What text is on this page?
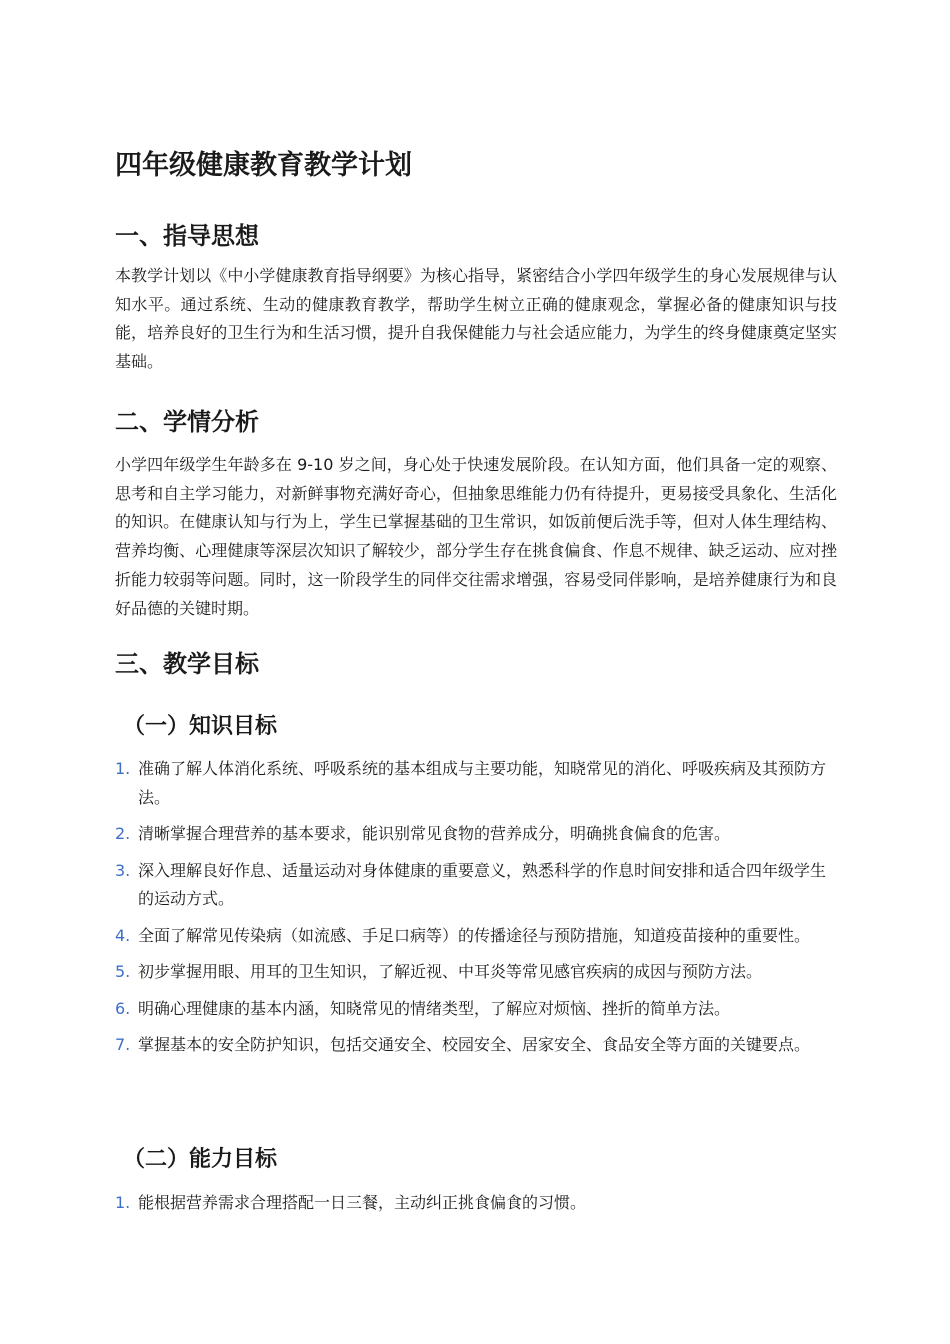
四年级健康教育教学计划
一、指导思想

本教学计划以《中小学健康教育指导纲要》为核心指导，紧密结合小学四年级学生的身心发展规律与认知水平。通过系统、生动的健康教育教学，帮助学生树立正确的健康观念，掌握必备的健康知识与技能，培养良好的卫生行为和生活习惯，提升自我保健能力与社会适应能力，为学生的终身健康奠定坚实基础。

二、学情分析

小学四年级学生年龄多在 9-10 岁之间，身心处于快速发展阶段。在认知方面，他们具备一定的观察、思考和自主学习能力，对新鲜事物充满好奇心，但抽象思维能力仍有待提升，更易接受具象化、生活化的知识。在健康认知与行为上，学生已掌握基础的卫生常识，如饭前便后洗手等，但对人体生理结构、营养均衡、心理健康等深层次知识了解较少，部分学生存在挑食偏食、作息不规律、缺乏运动、应对挫折能力较弱等问题。同时，这一阶段学生的同伴交往需求增强，容易受同伴影响，是培养健康行为和良好品德的关键时期。

三、教学目标
（一）知识目标
1. 准确了解人体消化系统、呼吸系统的基本组成与主要功能，知晓常见的消化、呼吸疾病及其预防方法。
2. 清晰掌握合理营养的基本要求，能识别常见食物的营养成分，明确挑食偏食的危害。
3. 深入理解良好作息、适量运动对身体健康的重要意义，熟悉科学的作息时间安排和适合四年级学生的运动方式。
4. 全面了解常见传染病（如流感、手足口病等）的传播途径与预防措施，知道疫苗接种的重要性。
5. 初步掌握用眼、用耳的卫生知识，了解近视、中耳炎等常见感官疾病的成因与预防方法。
6. 明确心理健康的基本内涵，知晓常见的情绪类型，了解应对烦恼、挫折的简单方法。
7. 掌握基本的安全防护知识，包括交通安全、校园安全、居家安全、食品安全等方面的关键要点。
（二）能力目标
1. 能根据营养需求合理搭配一日三餐，主动纠正挑食偏食的习惯。
